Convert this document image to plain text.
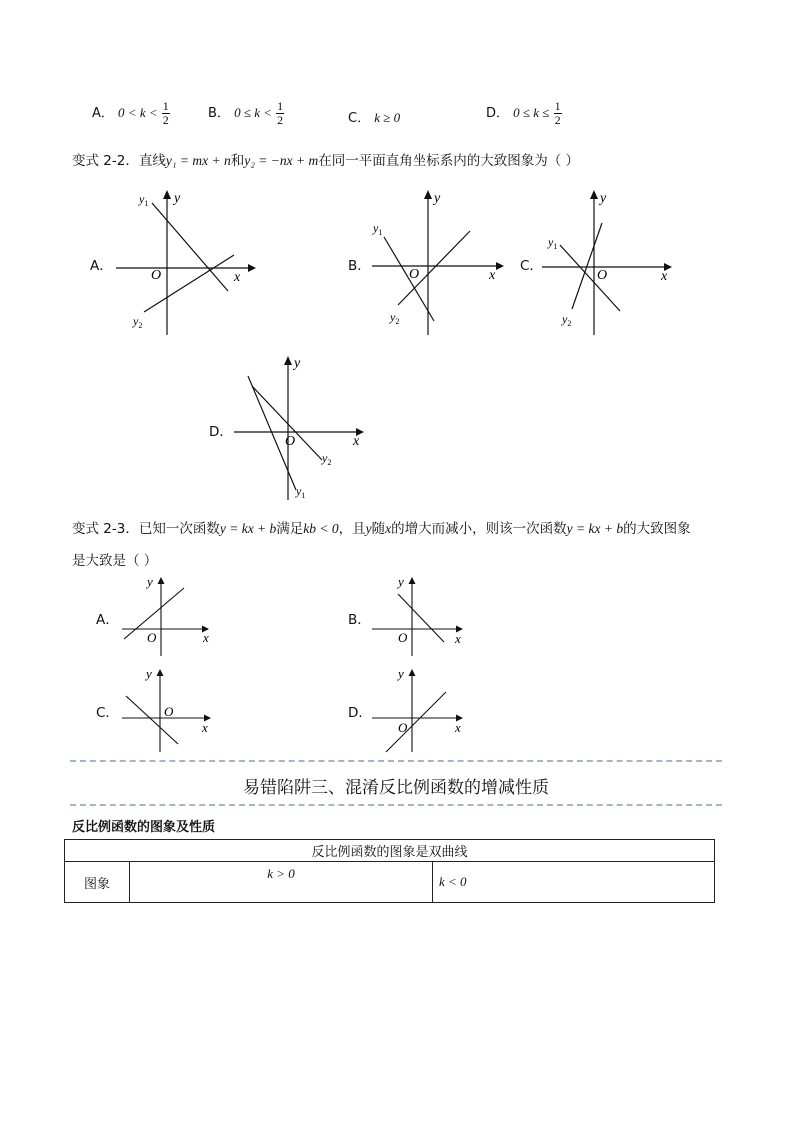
A． $0 < k < \frac{1}{2}$	B． $0 \le k < \frac{1}{2}$	C． k ≥ 0	D． $0 \le k \le \frac{1}{2}$
变式 2-2．直线y₁ = mx + n和y₂ = −nx + m在同一平面直角坐标系内的大致图象为（ ）
A．
y
x
O
$y_1$
$y_2$
B．
y
x
O
$y_1$
$y_2$
C．
y
x
O
$y_1$
$y_2$
D．
y
x
O
$y_1$
$y_2$
变式 2-3．已知一次函数y = kx + b满足kb < 0，且y随x的增大而减小，则该一次函数y = kx + b的大致图象
是大致是（ ）
A．
y
x
O
B．
y
x
O
C．
y
x
O	D．
y
x
O
易错陷阱三、混淆反比例函数的增减性质
反比例函数的图象及性质
反比例函数的图象是双曲线
图象	k > 0	k < 0
